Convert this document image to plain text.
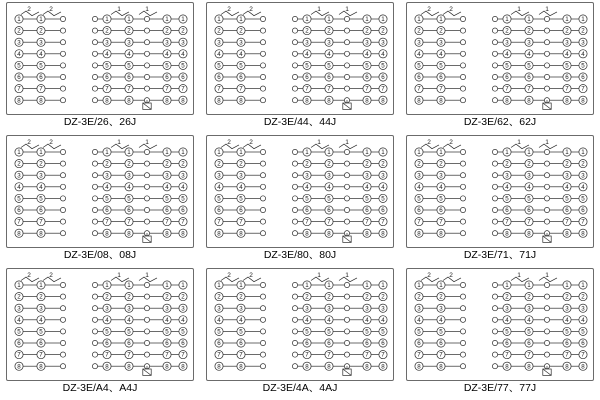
2	2	1	1
1	1	1	1	1 1
2	2	2	2	2 2
3	3	3	3	3 3
4	4	4	4	4 4
5	5	5	5	5 5
6	6	6	6	6 6
7	7	7	7	7 7
8	8	8	8	8 8
DZ-3E/26、26J
2	2	1	1
1	1	1	1	1 1
2	2	2	2	2 2
3	3	3	3	3 3
4	4	4	4	4 4
5	5	5	5	5 5
6	6	6	6	6 6
7	7	7	7	7 7
8	8	8	8	8 8
DZ-3E/44、44J
2	2	1	1
1	1	1	1	1 1
2	2	2	2	2 2
3	3	3	3	3 3
4	4	4	4	4 4
5	5	5	5	5 5
6	6	6	6	6 6
7	7	7	7	7 7
8	8	8	8	8 8
DZ-3E/62、62J
2	2	1	1
1	1	1	1	1 1
2	2	2	2	2 2
3	3	3	3	3 3
4	4	4	4	4 4
5	5	5	5	5 5
6	6	6	6	6 6
7	7	7	7	7 7
8	8	8	8	8 8
DZ-3E/08、08J
2	2	1	1
1	1	1	1	1 1
2	2	2	2	2 2
3	3	3	3	3 3
4	4	4	4	4 4
5	5	5	5	5 5
6	6	6	6	6 6
7	7	7	7	7 7
8	8	8	8	8 8
DZ-3E/80、80J
2	2	1	1
1	1	1	1	1 1
2	2	2	2	2 2
3	3	3	3	3 3
4	4	4	4	4 4
5	5	5	5	5 5
6	6	6	6	6 6
7	7	7	7	7 7
8	8	8	8	8 8
DZ-3E/71、71J
2	2	1	1
1	1	1	1	1 1
2	2	2	2	2 2
3	3	3	3	3 3
4	4	4	4	4 4
5	5	5	5	5 5
6	6	6	6	6 6
7	7	7	7	7 7
8	8	8	8	8 8
DZ-3E/A4、A4J
2	2	1	1
1	1	1	1	1 1
2	2	2	2	2 2
3	3	3	3	3 3
4	4	4	4	4 4
5	5	5	5	5 5
6	6	6	6	6 6
7	7	7	7	7 7
8	8	8	8	8 8
DZ-3E/4A、4AJ
2	2	1	1
1	1	1	1	1 1
2	2	2	2	2 2
3	3	3	3	3 3
4	4	4	4	4 4
5	5	5	5	5 5
6	6	6	6	6 6
7	7	7	7	7 7
8	8	8	8	8 8
DZ-3E/77、77J
